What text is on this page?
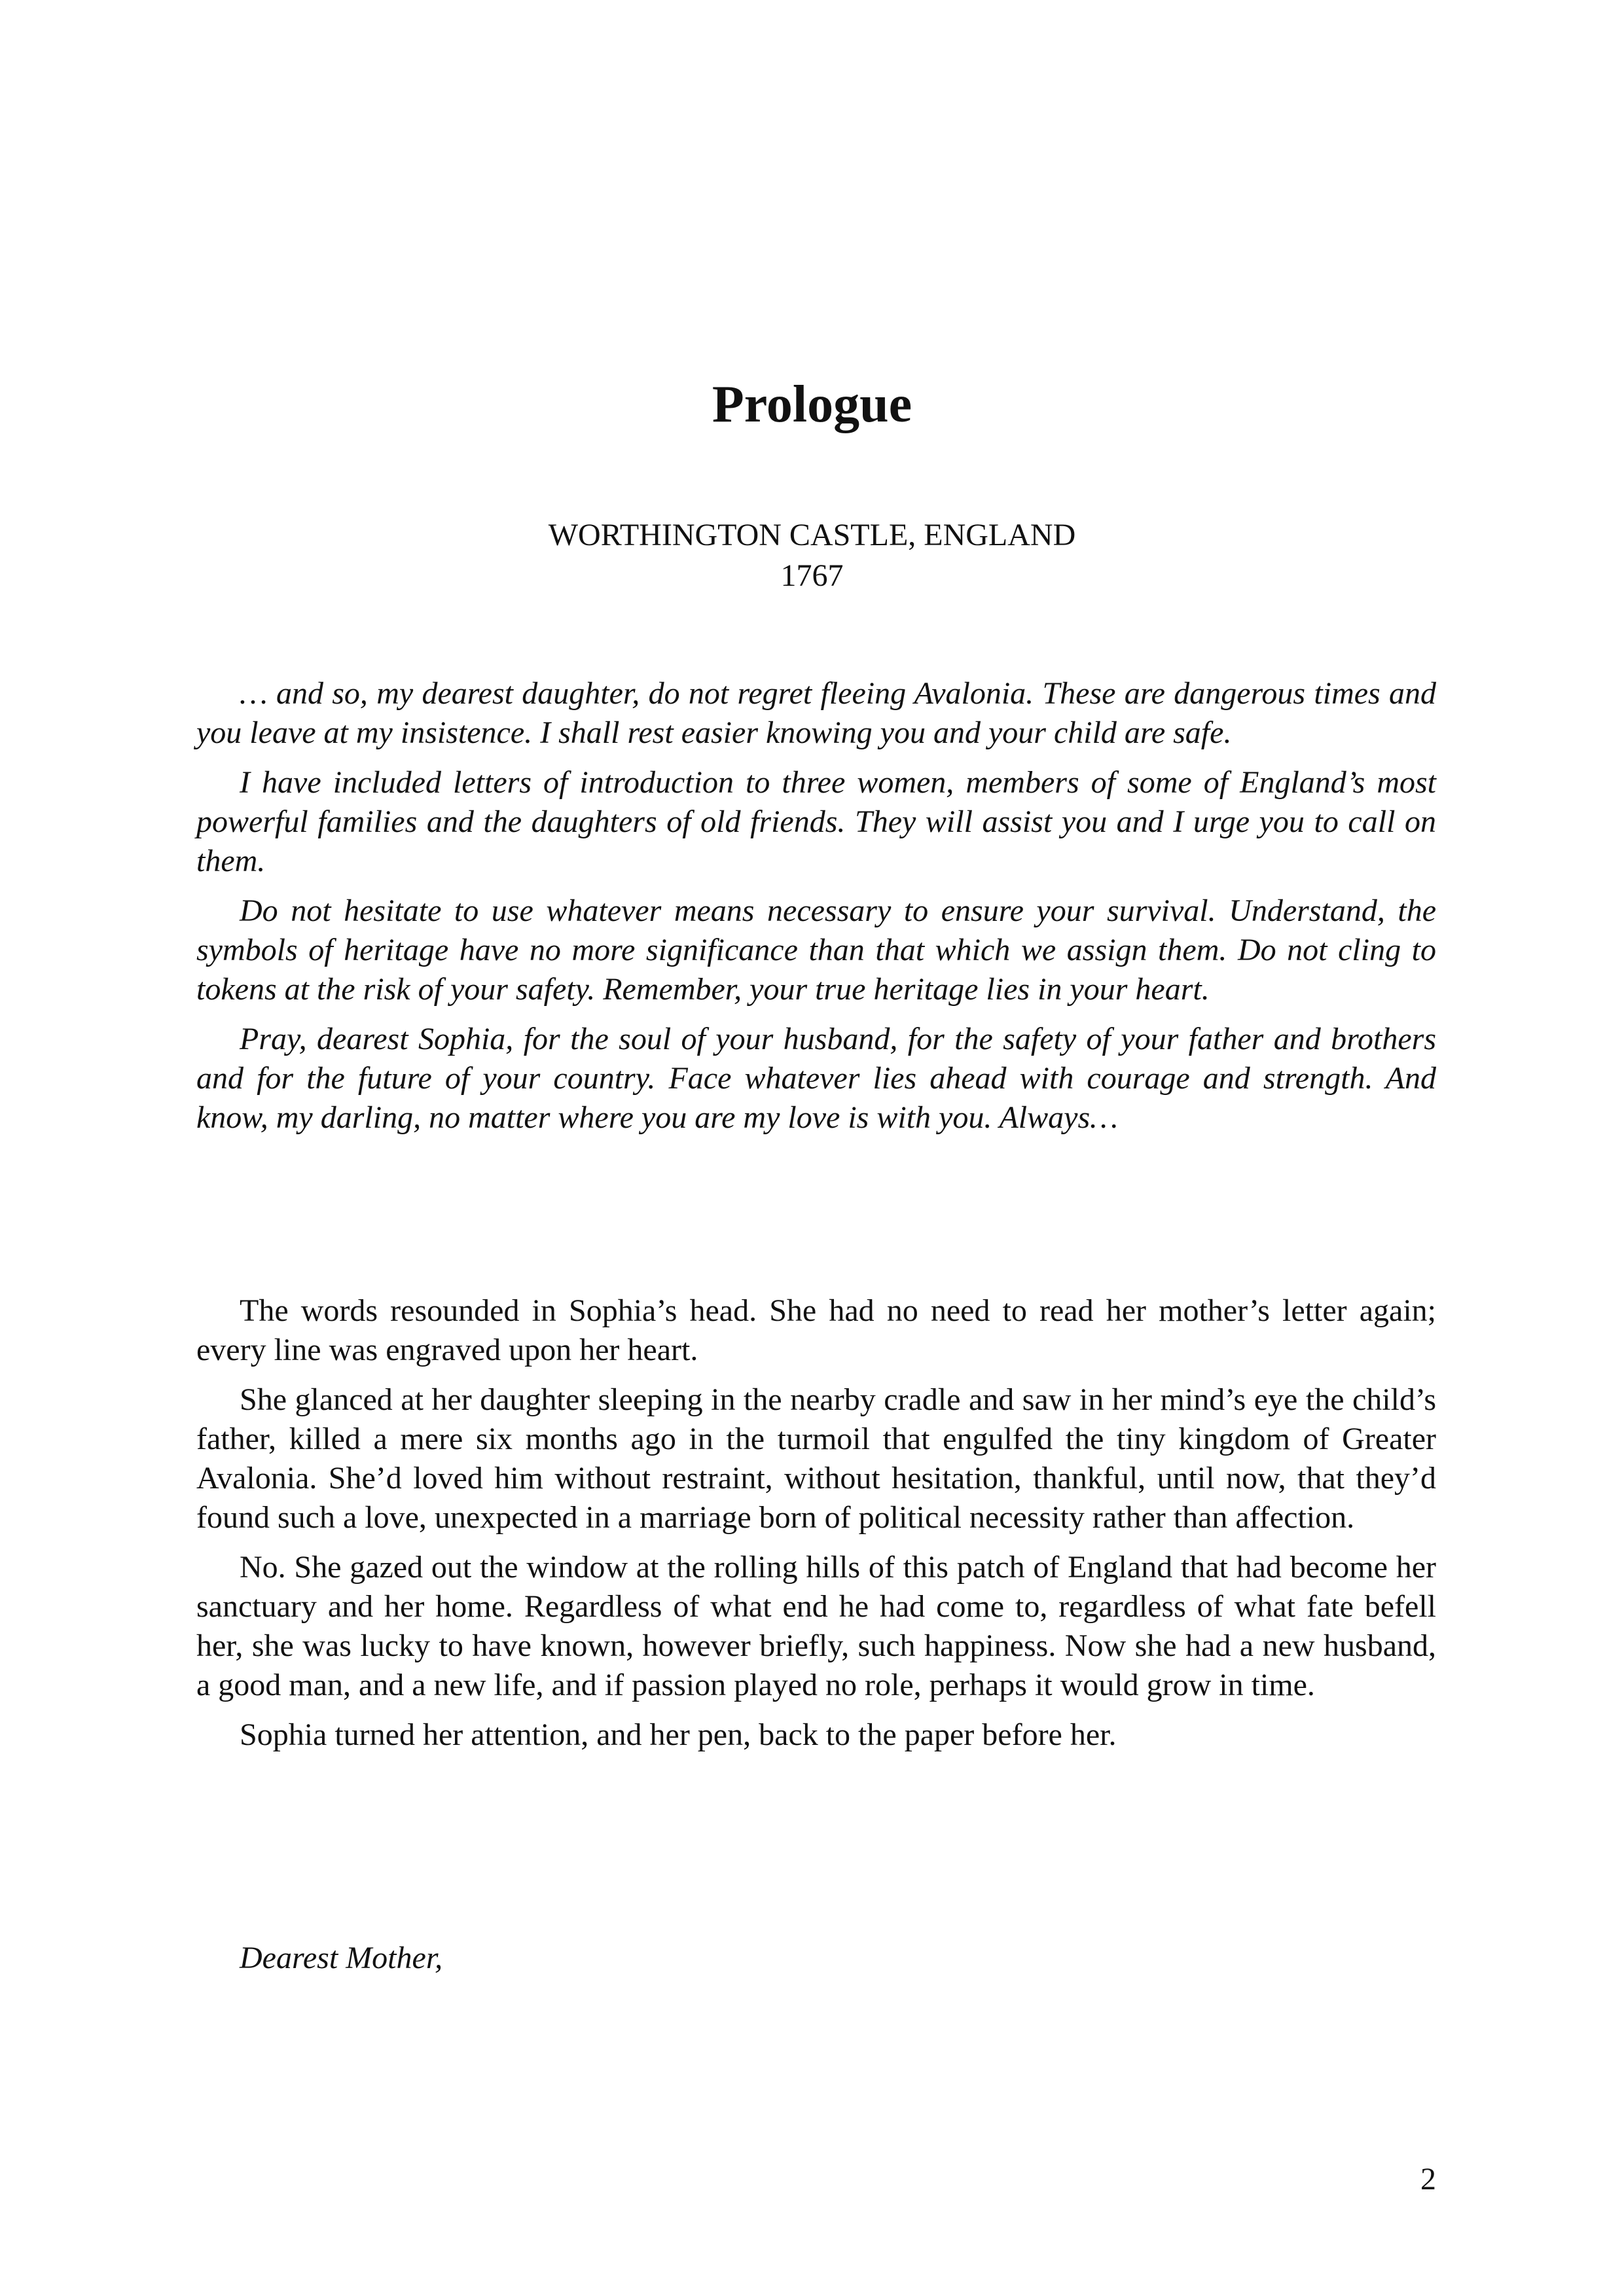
Prologue
WORTHINGTON CASTLE, ENGLAND
1767

… and so, my dearest daughter, do not regret fleeing Avalonia. These are dangerous times and you leave at my insistence. I shall rest easier knowing you and your child are safe.

I have included letters of introduction to three women, members of some of England’s most powerful families and the daughters of old friends. They will assist you and I urge you to call on them.

Do not hesitate to use whatever means necessary to ensure your survival. Understand, the symbols of heritage have no more significance than that which we assign them. Do not cling to tokens at the risk of your safety. Remember, your true heritage lies in your heart.

Pray, dearest Sophia, for the soul of your husband, for the safety of your father and brothers and for the future of your country. Face whatever lies ahead with courage and strength. And know, my darling, no matter where you are my love is with you. Always…

The words resounded in Sophia’s head. She had no need to read her mother’s letter again; every line was engraved upon her heart.

She glanced at her daughter sleeping in the nearby cradle and saw in her mind’s eye the child’s father, killed a mere six months ago in the turmoil that engulfed the tiny kingdom of Greater Avalonia. She’d loved him without restraint, without hesitation, thankful, until now, that they’d found such a love, unexpected in a marriage born of political necessity rather than affection.

No. She gazed out the window at the rolling hills of this patch of England that had become her sanctuary and her home. Regardless of what end he had come to, regardless of what fate befell her, she was lucky to have known, however briefly, such happiness. Now she had a new husband, a good man, and a new life, and if passion played no role, perhaps it would grow in time.

Sophia turned her attention, and her pen, back to the paper before her.

Dearest Mother,

2
